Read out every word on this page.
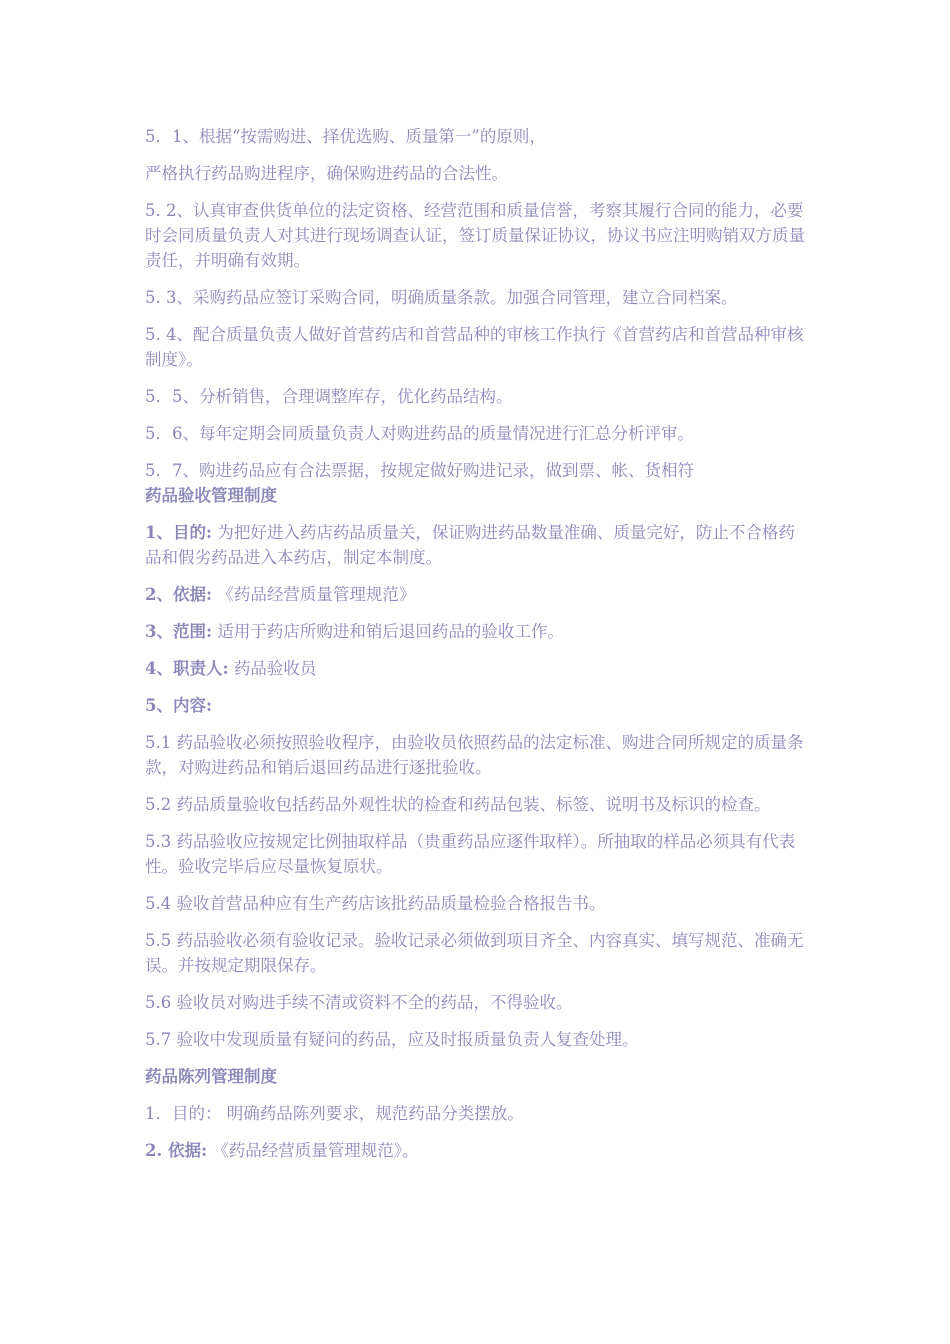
5．1、根据“按需购进、择优选购、质量第一”的原则，

严格执行药品购进程序，确保购进药品的合法性。

5. 2、认真审查供货单位的法定资格、经营范围和质量信誉，考察其履行合同的能力，必要时会同质量负责人对其进行现场调查认证，签订质量保证协议，协议书应注明购销双方质量责任，并明确有效期。

5. 3、采购药品应签订采购合同，明确质量条款。加强合同管理，建立合同档案。

5. 4、配合质量负责人做好首营药店和首营品种的审核工作执行《首营药店和首营品种审核制度》。

5．5、分析销售，合理调整库存，优化药品结构。

5．6、每年定期会同质量负责人对购进药品的质量情况进行汇总分析评审。

5．7、购进药品应有合法票据，按规定做好购进记录，做到票、帐、货相符

药品验收管理制度

1、目的: 为把好进入药店药品质量关，保证购进药品数量准确、质量完好，防止不合格药品和假劣药品进入本药店，制定本制度。

2、依据: 《药品经营质量管理规范》

3、范围: 适用于药店所购进和销后退回药品的验收工作。

4、职责人: 药品验收员

5、内容:

5.1 药品验收必须按照验收程序，由验收员依照药品的法定标准、购进合同所规定的质量条款，对购进药品和销后退回药品进行逐批验收。

5.2 药品质量验收包括药品外观性状的检查和药品包装、标签、说明书及标识的检查。

5.3 药品验收应按规定比例抽取样品（贵重药品应逐件取样）。所抽取的样品必须具有代表性。验收完毕后应尽量恢复原状。

5.4 验收首营品种应有生产药店该批药品质量检验合格报告书。

5.5 药品验收必须有验收记录。验收记录必须做到项目齐全、内容真实、填写规范、准确无误。并按规定期限保存。

5.6 验收员对购进手续不清或资料不全的药品，不得验收。

5.7 验收中发现质量有疑问的药品，应及时报质量负责人复查处理。

药品陈列管理制度

1．目的： 明确药品陈列要求，规范药品分类摆放。

2. 依据: 《药品经营质量管理规范》。
